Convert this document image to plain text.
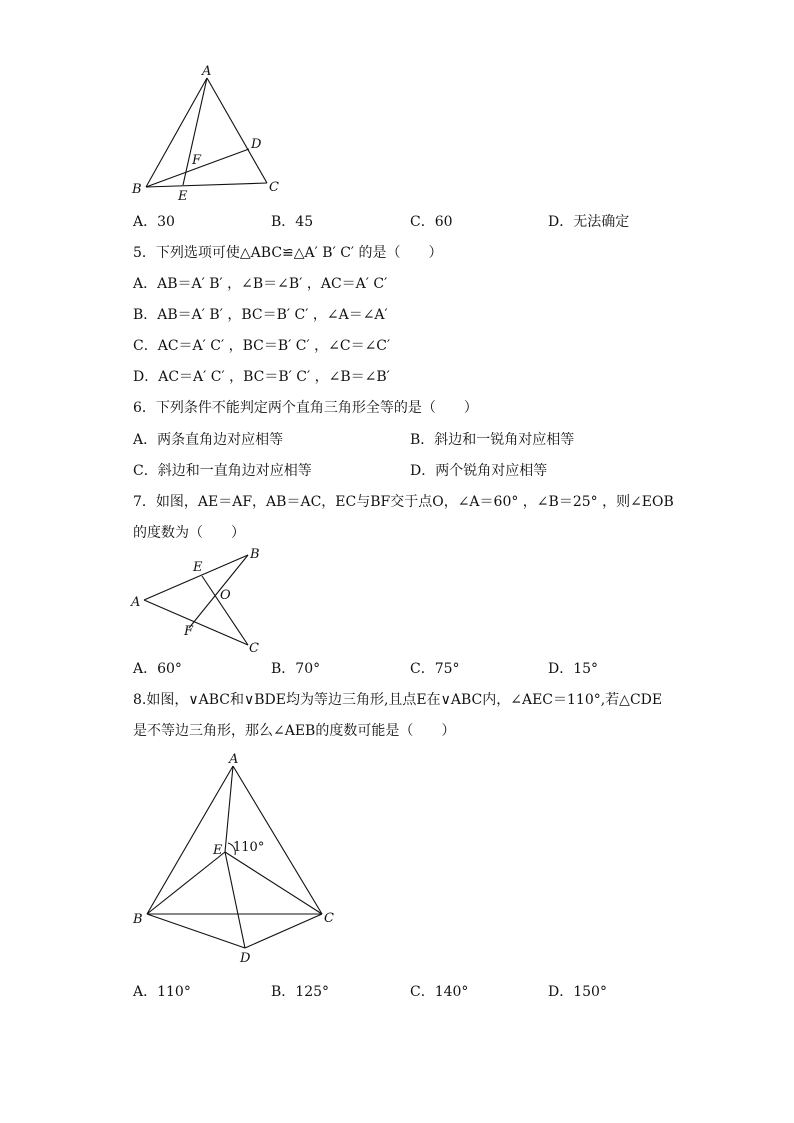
A
B	C
D
E
F
A．30	B．45	C．60	D．无法确定
5．下列选项可使△ABC≌△A′ B′ C′ 的是（　　）
A．AB＝A′ B′ ，∠B＝∠B′ ，AC＝A′ C′
B．AB＝A′ B′ ，BC＝B′ C′ ，∠A＝∠A′
C．AC＝A′ C′ ，BC＝B′ C′ ，∠C＝∠C′
D．AC＝A′ C′ ，BC＝B′ C′ ，∠B＝∠B′
6．下列条件不能判定两个直角三角形全等的是（　　）
A．两条直角边对应相等	B．斜边和一锐角对应相等
C．斜边和一直角边对应相等	D．两个锐角对应相等
7．如图，AE＝AF，AB＝AC，EC与BF交于点O，∠A＝60° ，∠B＝25° ，则∠EOB
的度数为（　　）
A
B
C
E
F
O
A．60°	B．70°	C．75°	D．15°
8.如图，∨ABC和∨BDE均为等边三角形,且点E在∨ABC内，∠AEC＝110°,若△CDE
是不等边三角形，那么∠AEB的度数可能是（　　）
A
B	C
D
E 110°
A．110°	B．125°	C．140°	D．150°
